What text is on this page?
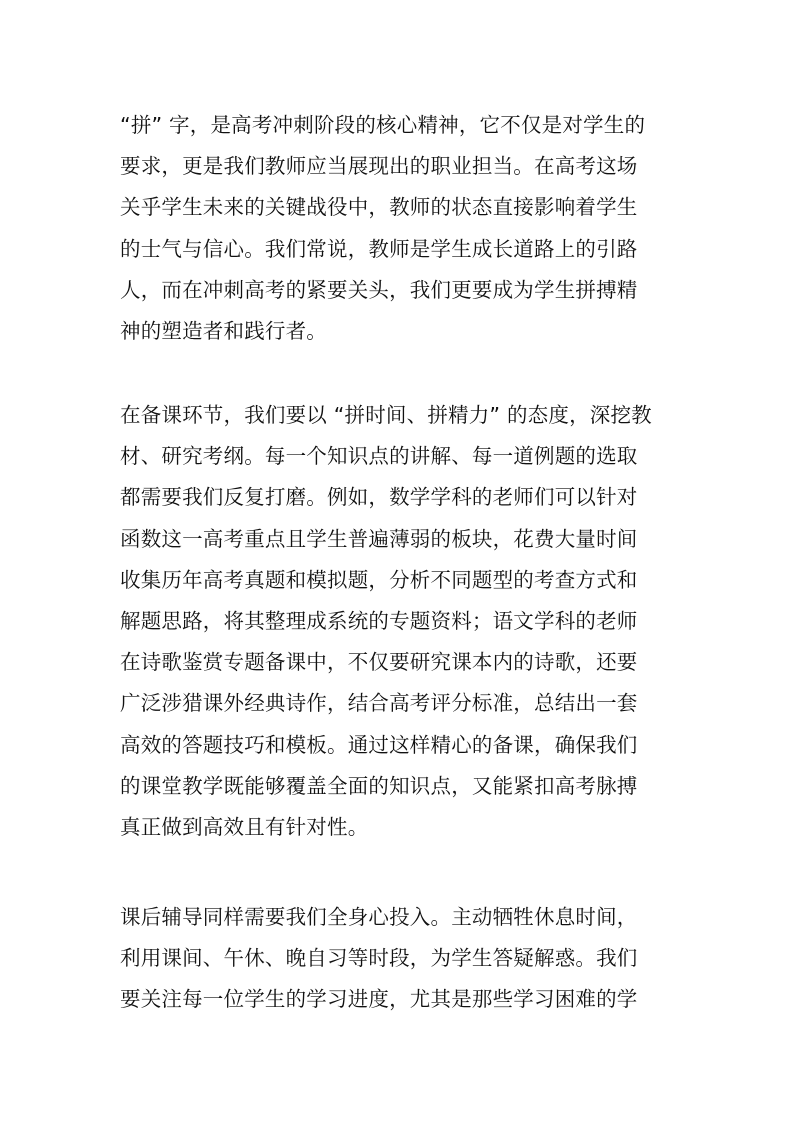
“拼” 字，是高考冲刺阶段的核心精神，它不仅是对学生的
要求，更是我们教师应当展现出的职业担当。在高考这场
关乎学生未来的关键战役中，教师的状态直接影响着学生
的士气与信心。我们常说，教师是学生成长道路上的引路
人，而在冲刺高考的紧要关头，我们更要成为学生拼搏精
神的塑造者和践行者。

在备课环节，我们要以 “拼时间、拼精力” 的态度，深挖教
材、研究考纲。每一个知识点的讲解、每一道例题的选取
都需要我们反复打磨。例如，数学学科的老师们可以针对
函数这一高考重点且学生普遍薄弱的板块，花费大量时间
收集历年高考真题和模拟题，分析不同题型的考查方式和
解题思路，将其整理成系统的专题资料；语文学科的老师
在诗歌鉴赏专题备课中，不仅要研究课本内的诗歌，还要
广泛涉猎课外经典诗作，结合高考评分标准，总结出一套
高效的答题技巧和模板。通过这样精心的备课，确保我们
的课堂教学既能够覆盖全面的知识点，又能紧扣高考脉搏
真正做到高效且有针对性。

课后辅导同样需要我们全身心投入。主动牺牲休息时间，
利用课间、午休、晚自习等时段，为学生答疑解惑。我们
要关注每一位学生的学习进度，尤其是那些学习困难的学
